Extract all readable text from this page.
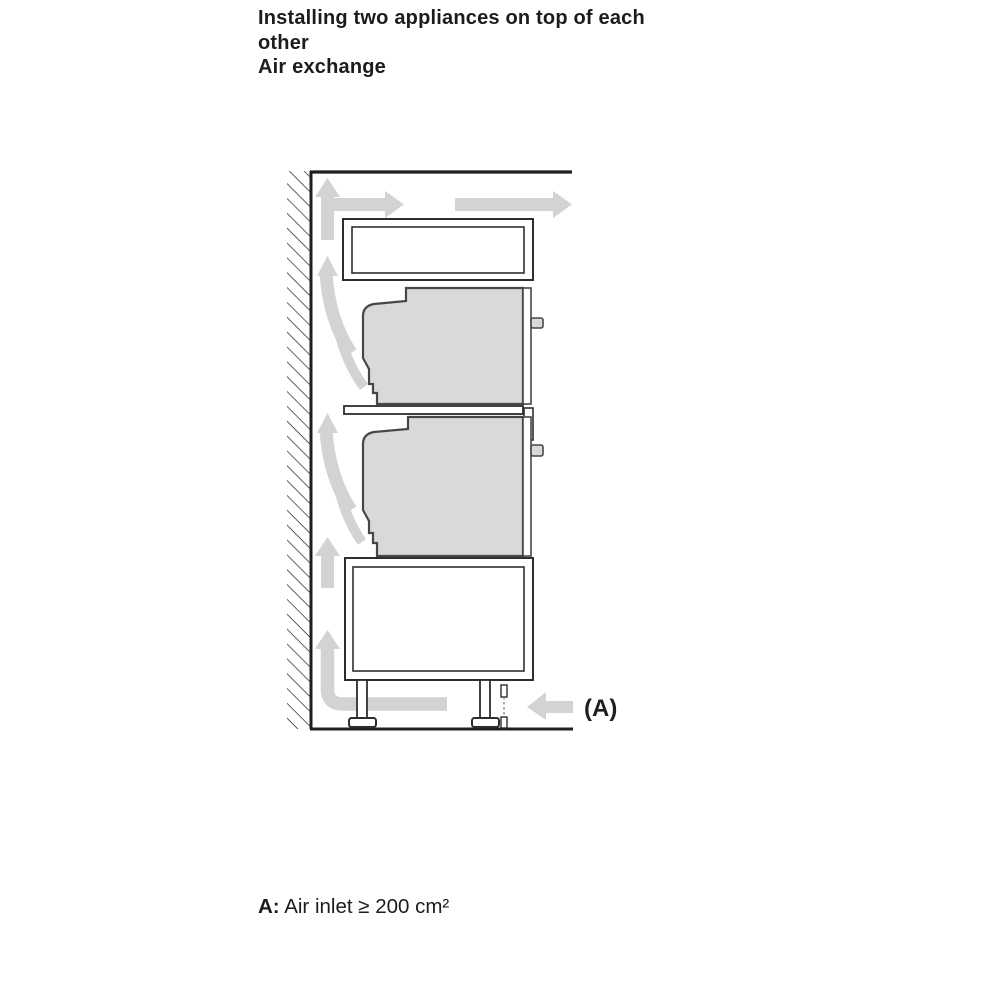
Installing two appliances on top of each
other
Air exchange
(A)
A: Air inlet ≥ 200 cm²
